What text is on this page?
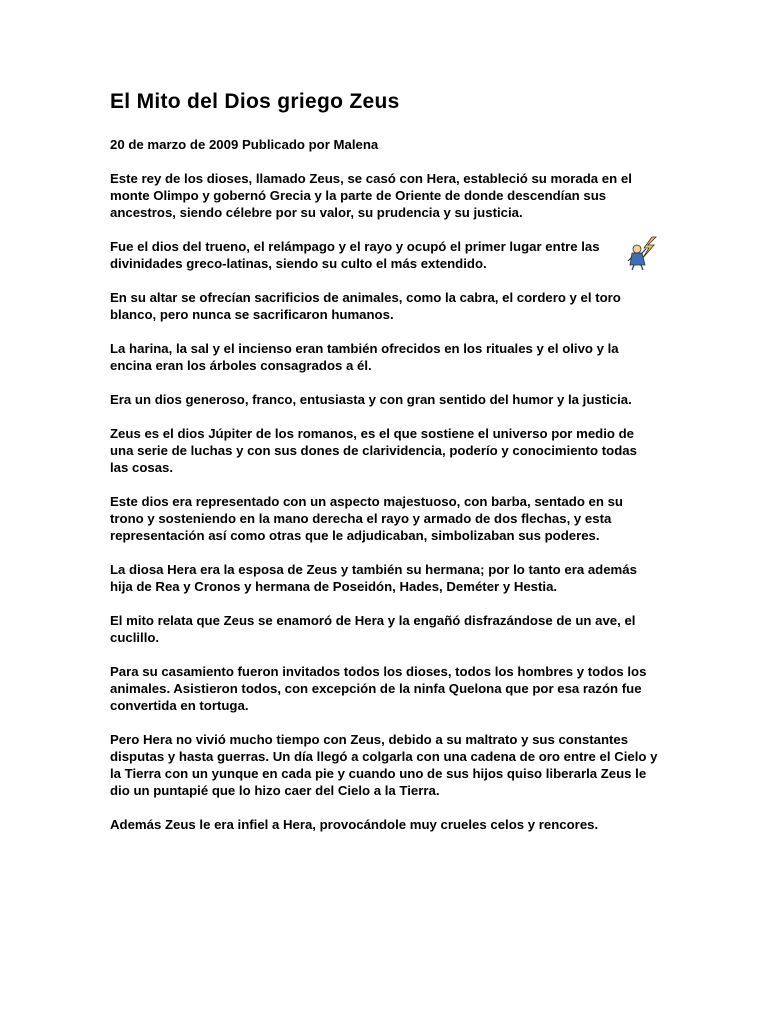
El Mito del Dios griego Zeus

20 de marzo de 2009 Publicado por Malena

Este rey de los dioses, llamado Zeus, se casó con Hera, estableció su morada en el monte Olimpo y gobernó Grecia y la parte de Oriente de donde descendían sus ancestros, siendo célebre por su valor, su prudencia y su justicia.

Fue el dios del trueno, el relámpago y el rayo y ocupó el primer lugar entre las divinidades greco-latinas, siendo su culto el más extendido.

En su altar se ofrecían sacrificios de animales, como la cabra, el cordero y el toro blanco, pero nunca se sacrificaron humanos.

La harina, la sal y el incienso eran también ofrecidos en los rituales y el olivo y la encina eran los árboles consagrados a él.

Era un dios generoso, franco, entusiasta y con gran sentido del humor y la justicia.

Zeus es el dios Júpiter de los romanos, es el que sostiene el universo por medio de una serie de luchas y con sus dones de clarividencia, poderío y conocimiento todas las cosas.

Este dios era representado con un aspecto majestuoso, con barba, sentado en su trono y sosteniendo en la mano derecha el rayo y armado de dos flechas, y esta representación así como otras que le adjudicaban, simbolizaban sus poderes.

La diosa Hera era la esposa de Zeus y también su hermana; por lo tanto era además hija de Rea y Cronos y hermana de Poseidón, Hades, Deméter y Hestia.

El mito relata que Zeus se enamoró de Hera y la engañó disfrazándose de un ave, el cuclillo.

Para su casamiento fueron invitados todos los dioses, todos los hombres y todos los animales. Asistieron todos, con excepción de la ninfa Quelona que por esa razón fue convertida en tortuga.

Pero Hera no vivió mucho tiempo con Zeus, debido a su maltrato y sus constantes disputas y hasta guerras. Un día llegó a colgarla con una cadena de oro entre el Cielo y la Tierra con un yunque en cada pie y cuando uno de sus hijos quiso liberarla Zeus le dio un puntapié que lo hizo caer del Cielo a la Tierra.

Además Zeus le era infiel a Hera, provocándole muy crueles celos y rencores.
